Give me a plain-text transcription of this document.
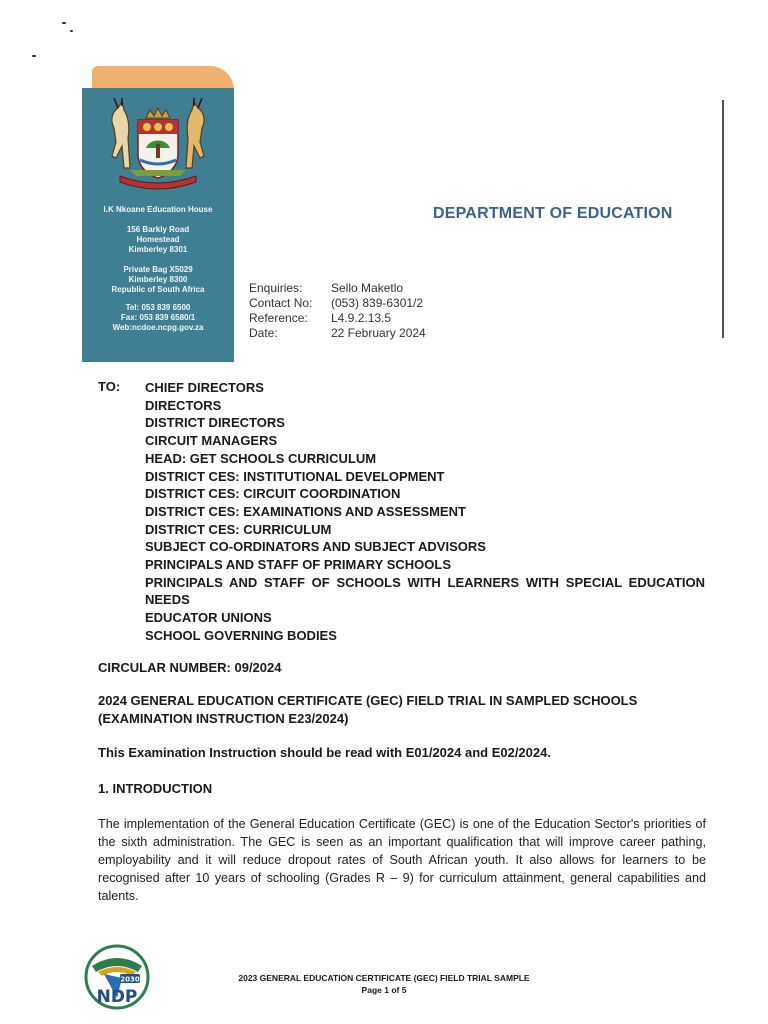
I.K Nkoane Education House
156 Barkly Road
Homestead
Kimberley 8301
Private Bag X5029
Kimberley 8300
Republic of South Africa
Tel: 053 839 6500
Fax: 053 839 6580/1
Web:ncdoe.ncpg.gov.za
DEPARTMENT OF EDUCATION
Enquiries:	Sello Maketlo
Contact No:	(053) 839-6301/2
Reference:	L4.9.2.13.5
Date:	22 February 2024
TO: CHIEF DIRECTORS
DIRECTORS
DISTRICT DIRECTORS
CIRCUIT MANAGERS
HEAD: GET SCHOOLS CURRICULUM
DISTRICT CES: INSTITUTIONAL DEVELOPMENT
DISTRICT CES: CIRCUIT COORDINATION
DISTRICT CES: EXAMINATIONS AND ASSESSMENT
DISTRICT CES: CURRICULUM
SUBJECT CO-ORDINATORS AND SUBJECT ADVISORS
PRINCIPALS AND STAFF OF PRIMARY SCHOOLS
PRINCIPALS AND STAFF OF SCHOOLS WITH LEARNERS WITH SPECIAL EDUCATION NEEDS
EDUCATOR UNIONS
SCHOOL GOVERNING BODIES
CIRCULAR NUMBER: 09/2024
2024 GENERAL EDUCATION CERTIFICATE (GEC) FIELD TRIAL IN SAMPLED SCHOOLS (EXAMINATION INSTRUCTION E23/2024)
This Examination Instruction should be read with E01/2024 and E02/2024.
1. INTRODUCTION
The implementation of the General Education Certificate (GEC) is one of the Education Sector's priorities of the sixth administration. The GEC is seen as an important qualification that will improve career pathing, employability and it will reduce dropout rates of South African youth. It also allows for learners to be recognised after 10 years of schooling (Grades R – 9) for curriculum attainment, general capabilities and talents.
2030
NDP
2023 GENERAL EDUCATION CERTIFICATE (GEC) FIELD TRIAL SAMPLE
Page 1 of 5
